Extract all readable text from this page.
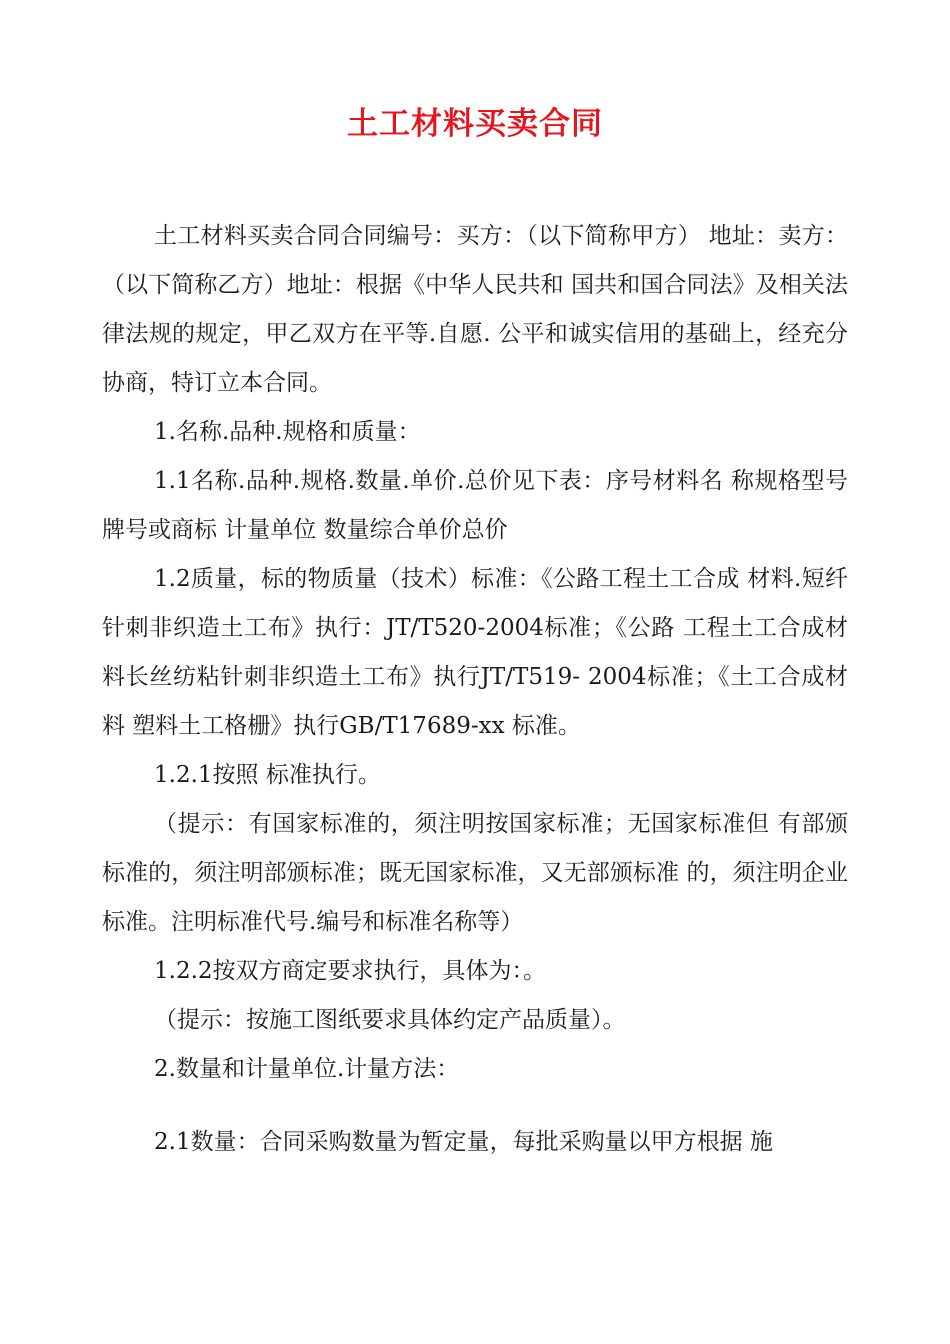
土工材料买卖合同

土工材料买卖合同合同编号：买方：（以下简称甲方） 地址：卖方：（以下简称乙方）地址：根据《中华人民共和 国共和国合同法》及相关法律法规的规定，甲乙双方在平等.自愿. 公平和诚实信用的基础上，经充分协商，特订立本合同。

1.名称.品种.规格和质量：

1.1名称.品种.规格.数量.单价.总价见下表：序号材料名 称规格型号牌号或商标 计量单位 数量综合单价总价

1.2质量，标的物质量（技术）标准：《公路工程土工合成 材料.短纤针刺非织造土工布》执行：JT/T520-2004标准；《公路 工程土工合成材料长丝纺粘针刺非织造土工布》执行JT/T519- 2004标准；《土工合成材料 塑料土工格栅》执行GB/T17689-xx 标准。

1.2.1按照 标准执行。

（提示：有国家标准的，须注明按国家标准；无国家标准但 有部颁标准的，须注明部颁标准；既无国家标准，又无部颁标准 的，须注明企业标准。注明标准代号.编号和标准名称等）

1.2.2按双方商定要求执行，具体为：。

（提示：按施工图纸要求具体约定产品质量）。

2.数量和计量单位.计量方法：

2.1数量：合同采购数量为暂定量，每批采购量以甲方根据 施
